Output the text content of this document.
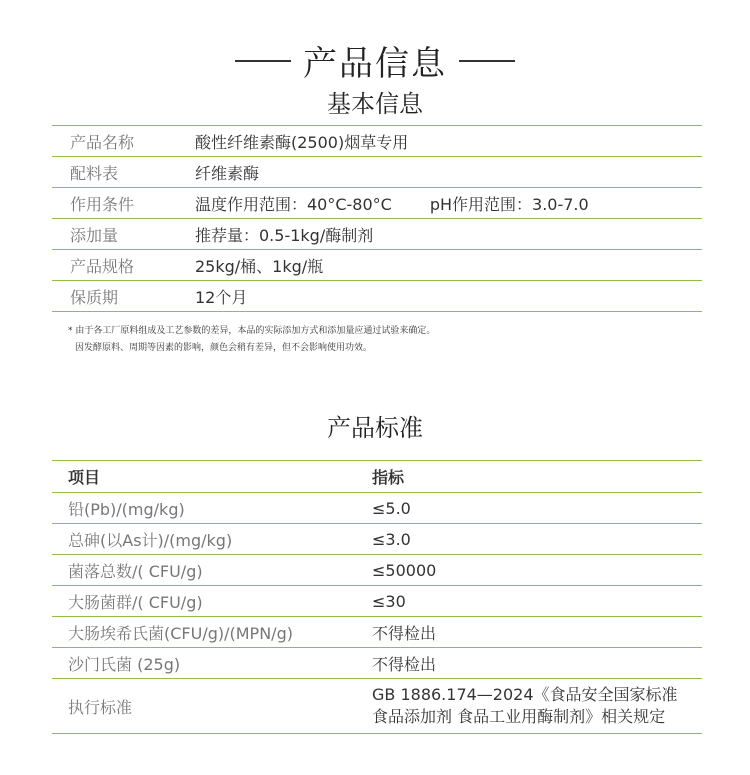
产品信息
基本信息
产品名称	酸性纤维素酶(2500)烟草专用
配料表	纤维素酶
作用条件	温度作用范围：40°C-80°C pH作用范围：3.0-7.0
添加量	推荐量：0.5-1kg/酶制剂
产品规格	25kg/桶、1kg/瓶
保质期	12个月
* 由于各工厂原料组成及工艺参数的差异，本品的实际添加方式和添加量应通过试验来确定。
因发酵原料、周期等因素的影响，颜色会稍有差异，但不会影响使用功效。
产品标准
项目	指标
铅(Pb)/(mg/kg)	≤5.0
总砷(以As计)/(mg/kg)	≤3.0
菌落总数/( CFU/g)	≤50000
大肠菌群/( CFU/g)	≤30
大肠埃希氏菌(CFU/g)/(MPN/g)	不得检出
沙门氏菌 (25g)	不得检出
执行标准	GB 1886.174—2024《食品安全国家标准
食品添加剂 食品工业用酶制剂》相关规定
